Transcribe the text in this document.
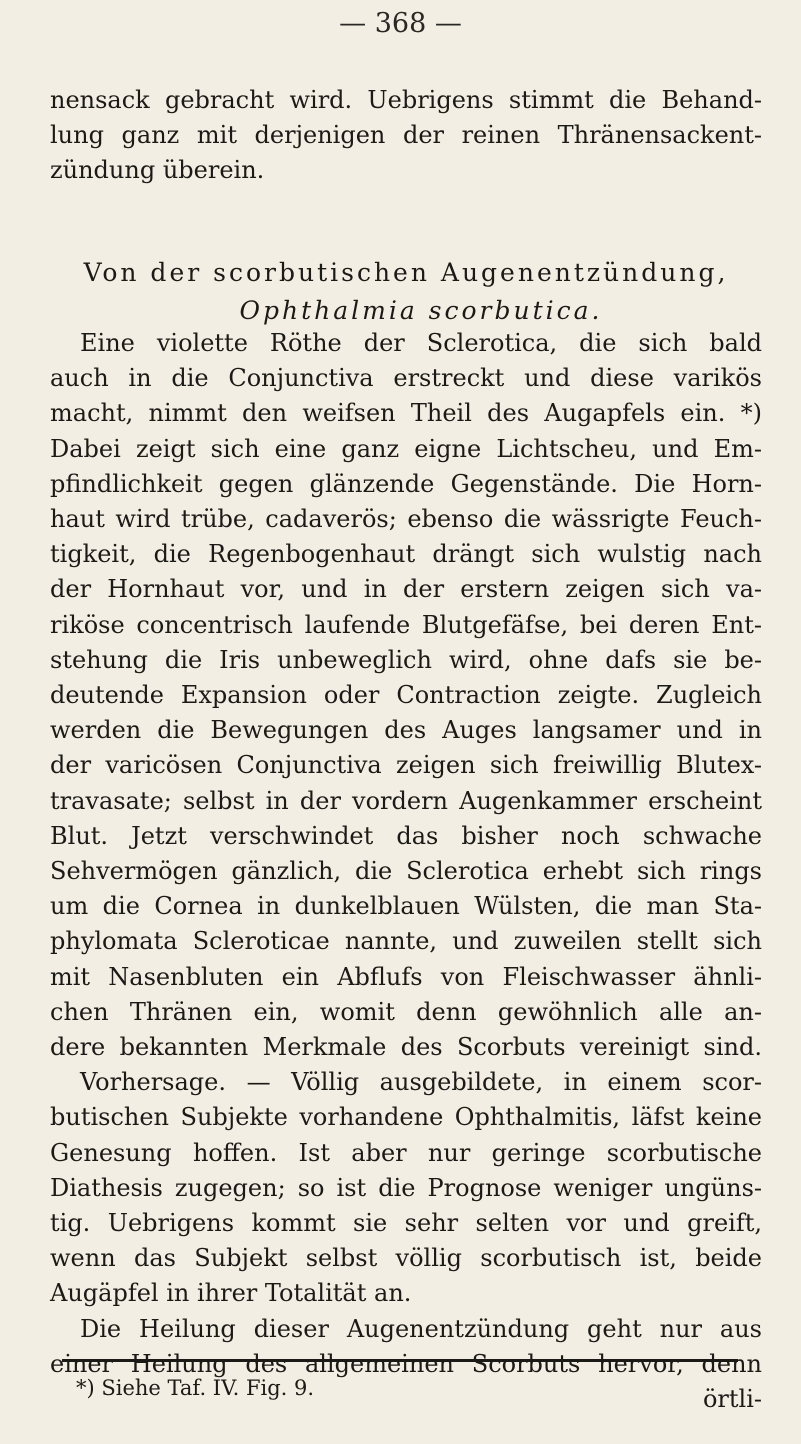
— 368 —
nensack gebracht wird. Uebrigens stimmt die Behand-
lung ganz mit derjenigen der reinen Thränensackent-
zündung überein.
Von der scorbutischen Augenentzündung,
Ophthalmia scorbutica.
Eine violette Röthe der Sclerotica, die sich bald
auch in die Conjunctiva erstreckt und diese varikös
macht, nimmt den weifsen Theil des Augapfels ein. *)
Dabei zeigt sich eine ganz eigne Lichtscheu, und Em-
pfindlichkeit gegen glänzende Gegenstände. Die Horn-
haut wird trübe, cadaverös; ebenso die wässrigte Feuch-
tigkeit, die Regenbogenhaut drängt sich wulstig nach
der Hornhaut vor, und in der erstern zeigen sich va-
riköse concentrisch laufende Blutgefäfse, bei deren Ent-
stehung die Iris unbeweglich wird, ohne dafs sie be-
deutende Expansion oder Contraction zeigte. Zugleich
werden die Bewegungen des Auges langsamer und in
der varicösen Conjunctiva zeigen sich freiwillig Blutex-
travasate; selbst in der vordern Augenkammer erscheint
Blut. Jetzt verschwindet das bisher noch schwache
Sehvermögen gänzlich, die Sclerotica erhebt sich rings
um die Cornea in dunkelblauen Wülsten, die man Sta-
phylomata Scleroticae nannte, und zuweilen stellt sich
mit Nasenbluten ein Abflufs von Fleischwasser ähnli-
chen Thränen ein, womit denn gewöhnlich alle an-
dere bekannten Merkmale des Scorbuts vereinigt sind.
Vorhersage. — Völlig ausgebildete, in einem scor-
butischen Subjekte vorhandene Ophthalmitis, läfst keine
Genesung hoffen. Ist aber nur geringe scorbutische
Diathesis zugegen; so ist die Prognose weniger ungüns-
tig. Uebrigens kommt sie sehr selten vor und greift,
wenn das Subjekt selbst völlig scorbutisch ist, beide
Augäpfel in ihrer Totalität an.
Die Heilung dieser Augenentzündung geht nur aus
einer Heilung des allgemeinen Scorbuts hervor, denn
örtli-
*) Siehe Taf. IV. Fig. 9.
